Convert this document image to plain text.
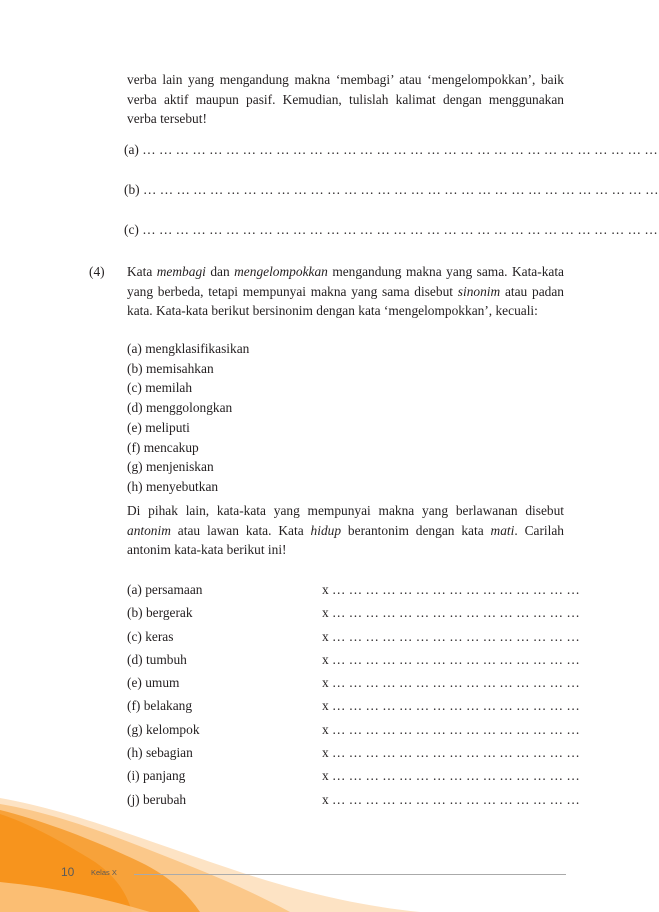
verba lain yang mengandung makna ‘membagi’ atau ‘mengelompokkan’, baik
verba aktif maupun pasif. Kemudian, tulislah kalimat dengan menggunakan
verba tersebut!
(a) … … … … … … … … … … … … … … … … … … … … … … … … … … … … … … …
(b) … … … … … … … … … … … … … … … … … … … … … … … … … … … … … … …
(c) … … … … … … … … … … … … … … … … … … … … … … … … … … … … … … …
(4) Kata membagi dan mengelompokkan mengandung makna yang sama. Kata-kata
yang berbeda, tetapi mempunyai makna yang sama disebut sinonim atau padan
kata. Kata-kata berikut bersinonim dengan kata ‘mengelompokkan’, kecuali:
(a) mengklasifikasikan
(b) memisahkan
(c) memilah
(d) menggolongkan
(e) meliputi
(f) mencakup
(g) menjeniskan
(h) menyebutkan
Di pihak lain, kata-kata yang mempunyai makna yang berlawanan disebut
antonim atau lawan kata. Kata hidup berantonim dengan kata mati. Carilah
antonim kata-kata berikut ini!
(a) persamaan	x … … … … … … … … … … … … … … …
(b) bergerak	x … … … … … … … … … … … … … … …
(c) keras	x … … … … … … … … … … … … … … …
(d) tumbuh	x … … … … … … … … … … … … … … …
(e) umum	x … … … … … … … … … … … … … … …
(f) belakang	x … … … … … … … … … … … … … … …
(g) kelompok	x … … … … … … … … … … … … … … …
(h) sebagian	x … … … … … … … … … … … … … … …
(i) panjang	x … … … … … … … … … … … … … … …
(j) berubah	x … … … … … … … … … … … … … … …
10 Kelas X
